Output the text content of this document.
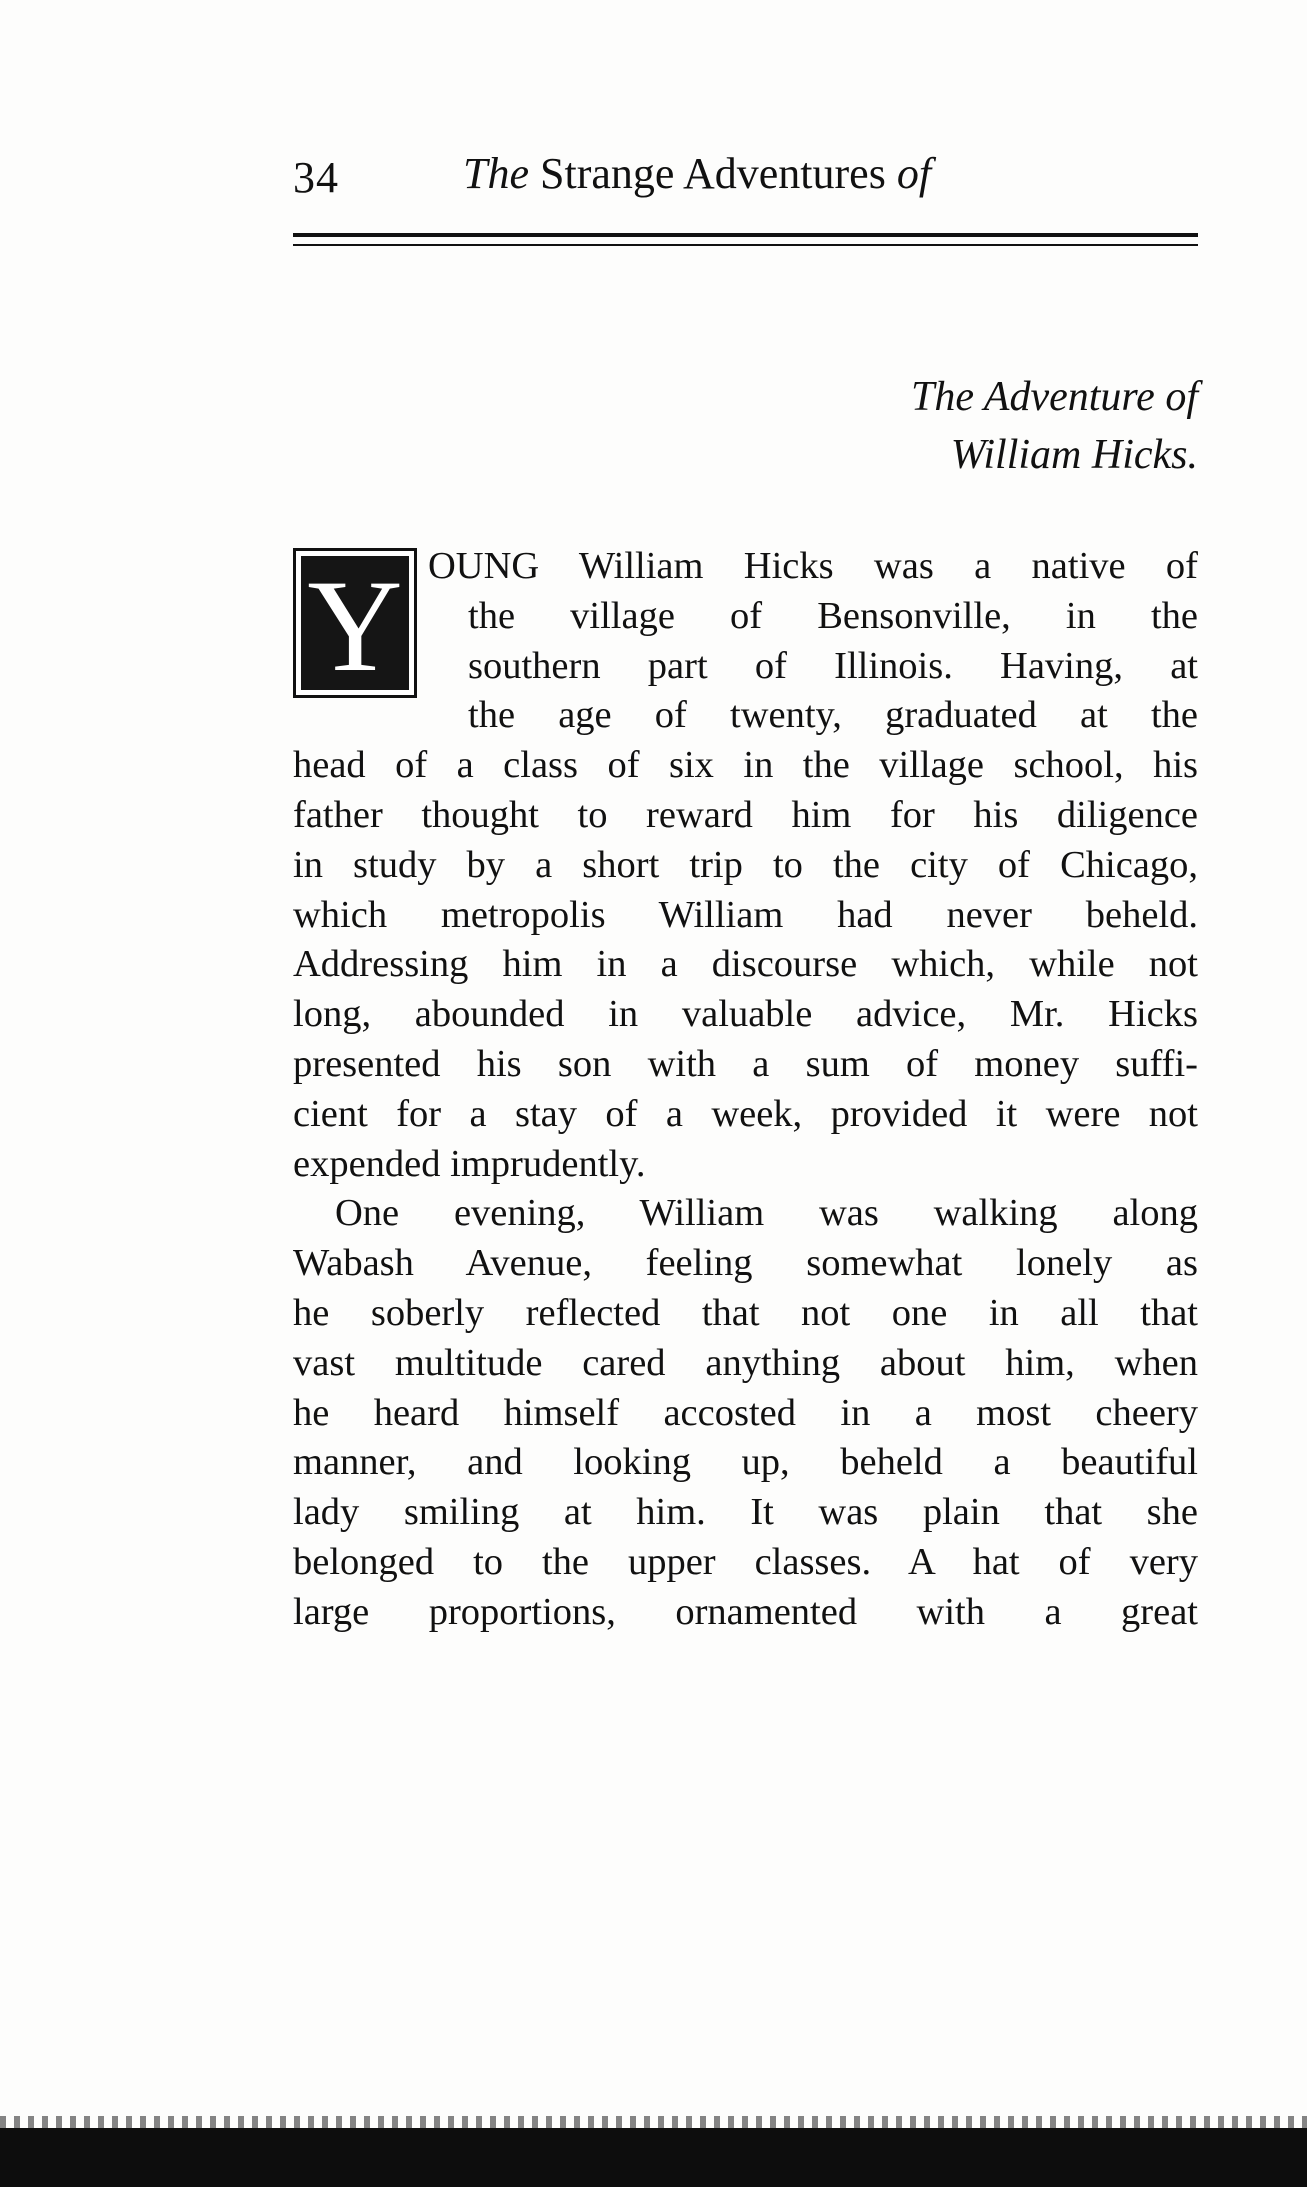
34	The Strange Adventures of
The Adventure of
William Hicks.
Y OUNG William Hicks was a native of
the village of Bensonville, in the
southern part of Illinois. Having, at
the age of twenty, graduated at the
head of a class of six in the village school, his
father thought to reward him for his diligence
in study by a short trip to the city of Chicago,
which metropolis William had never beheld.
Addressing him in a discourse which, while not
long, abounded in valuable advice, Mr. Hicks
presented his son with a sum of money suffi-
cient for a stay of a week, provided it were not
expended imprudently.
One evening, William was walking along
Wabash Avenue, feeling somewhat lonely as
he soberly reflected that not one in all that
vast multitude cared anything about him, when
he heard himself accosted in a most cheery
manner, and looking up, beheld a beautiful
lady smiling at him. It was plain that she
belonged to the upper classes. A hat of very
large proportions, ornamented with a great
